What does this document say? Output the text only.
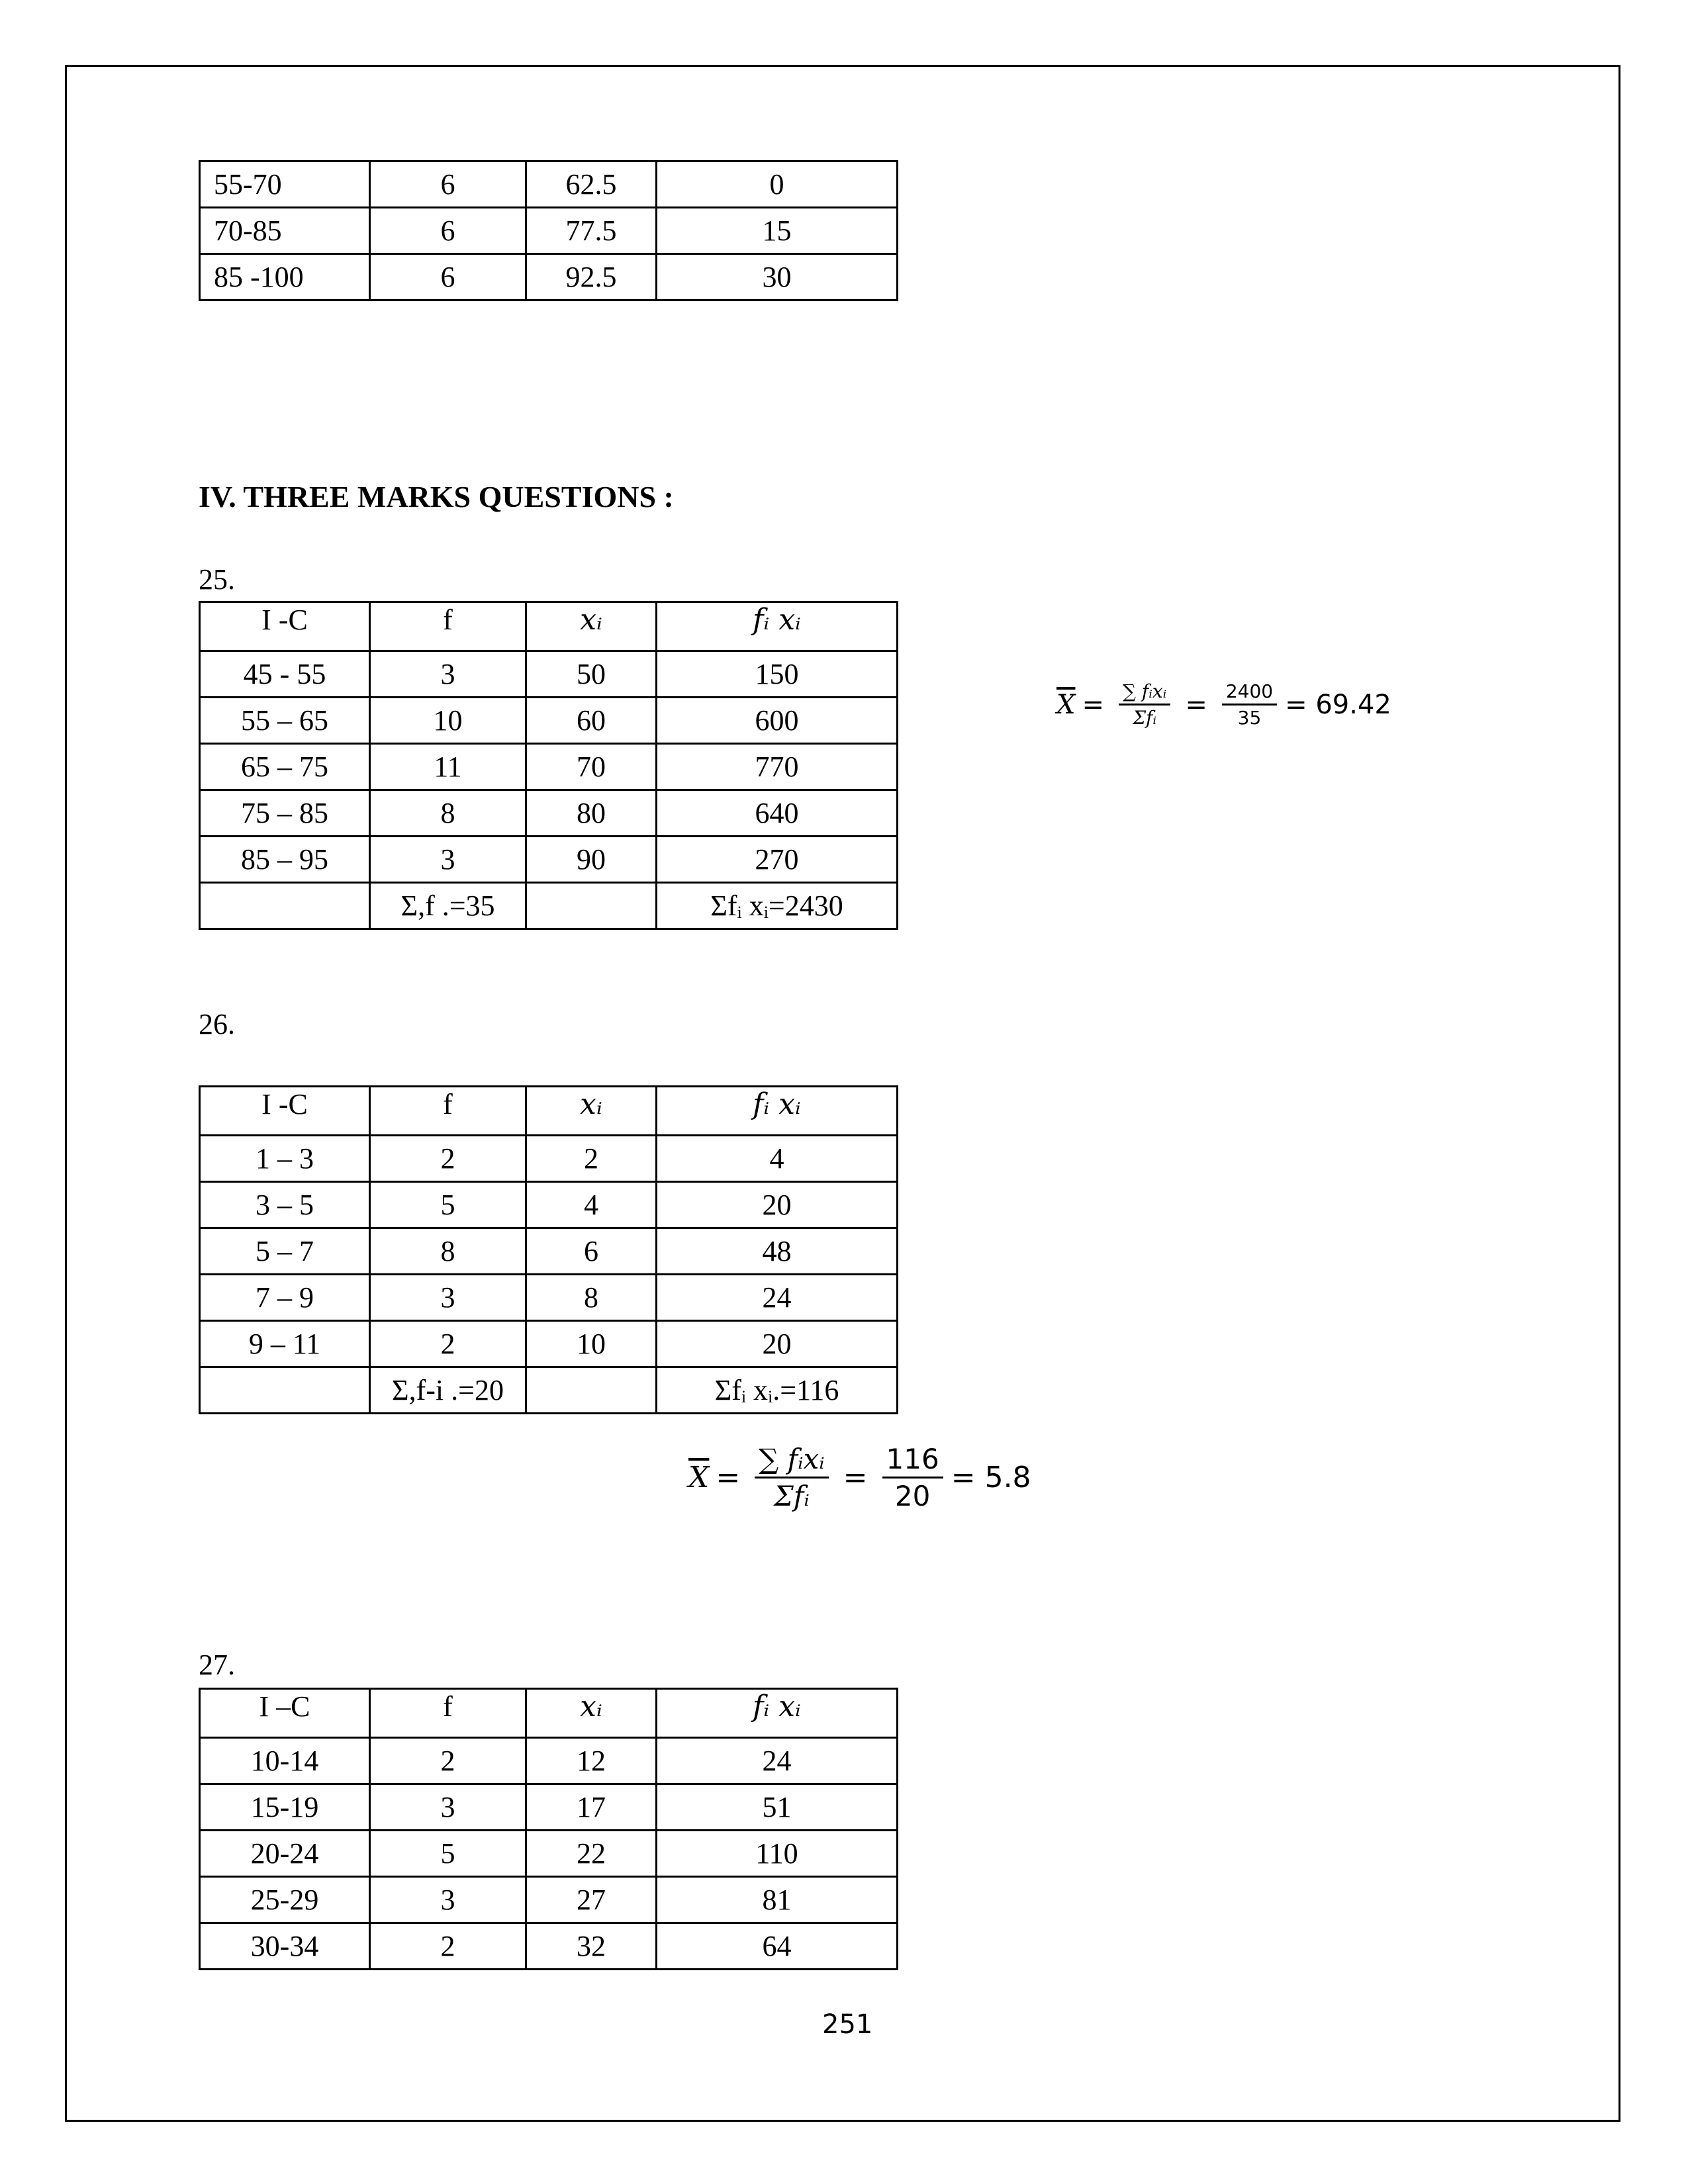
55-70	6	62.5	0
70-85	6	77.5	15
85 -100	6	92.5	30
IV. THREE MARKS QUESTIONS :
25.
I -C	f	xᵢ	fᵢ xᵢ
45 - 55	3	50	150
55 – 65	10	60	600
65 – 75	11	70	770
75 – 85	8	80	640
85 – 95	3	90	270
	Σ,f .=35		Σfᵢ xᵢ=2430
$\overline{X} = \frac{\text{∑ fᵢxᵢ}}{\text{Σfᵢ}} = \frac{2400}{35} = 69.42$
26.
I -C	f	xᵢ	fᵢ xᵢ
1 – 3	2	2	4
3 – 5	5	4	20
5 – 7	8	6	48
7 – 9	3	8	24
9 – 11	2	10	20
	Σ,f-i .=20		Σfᵢ xᵢ.=116
$\overline{X} = \frac{\text{∑ fᵢxᵢ}}{\text{Σfᵢ}} = \frac{116}{20} = 5.8$
27.
I –C	f	xᵢ	fᵢ xᵢ
10-14	2	12	24
15-19	3	17	51
20-24	5	22	110
25-29	3	27	81
30-34	2	32	64
251
